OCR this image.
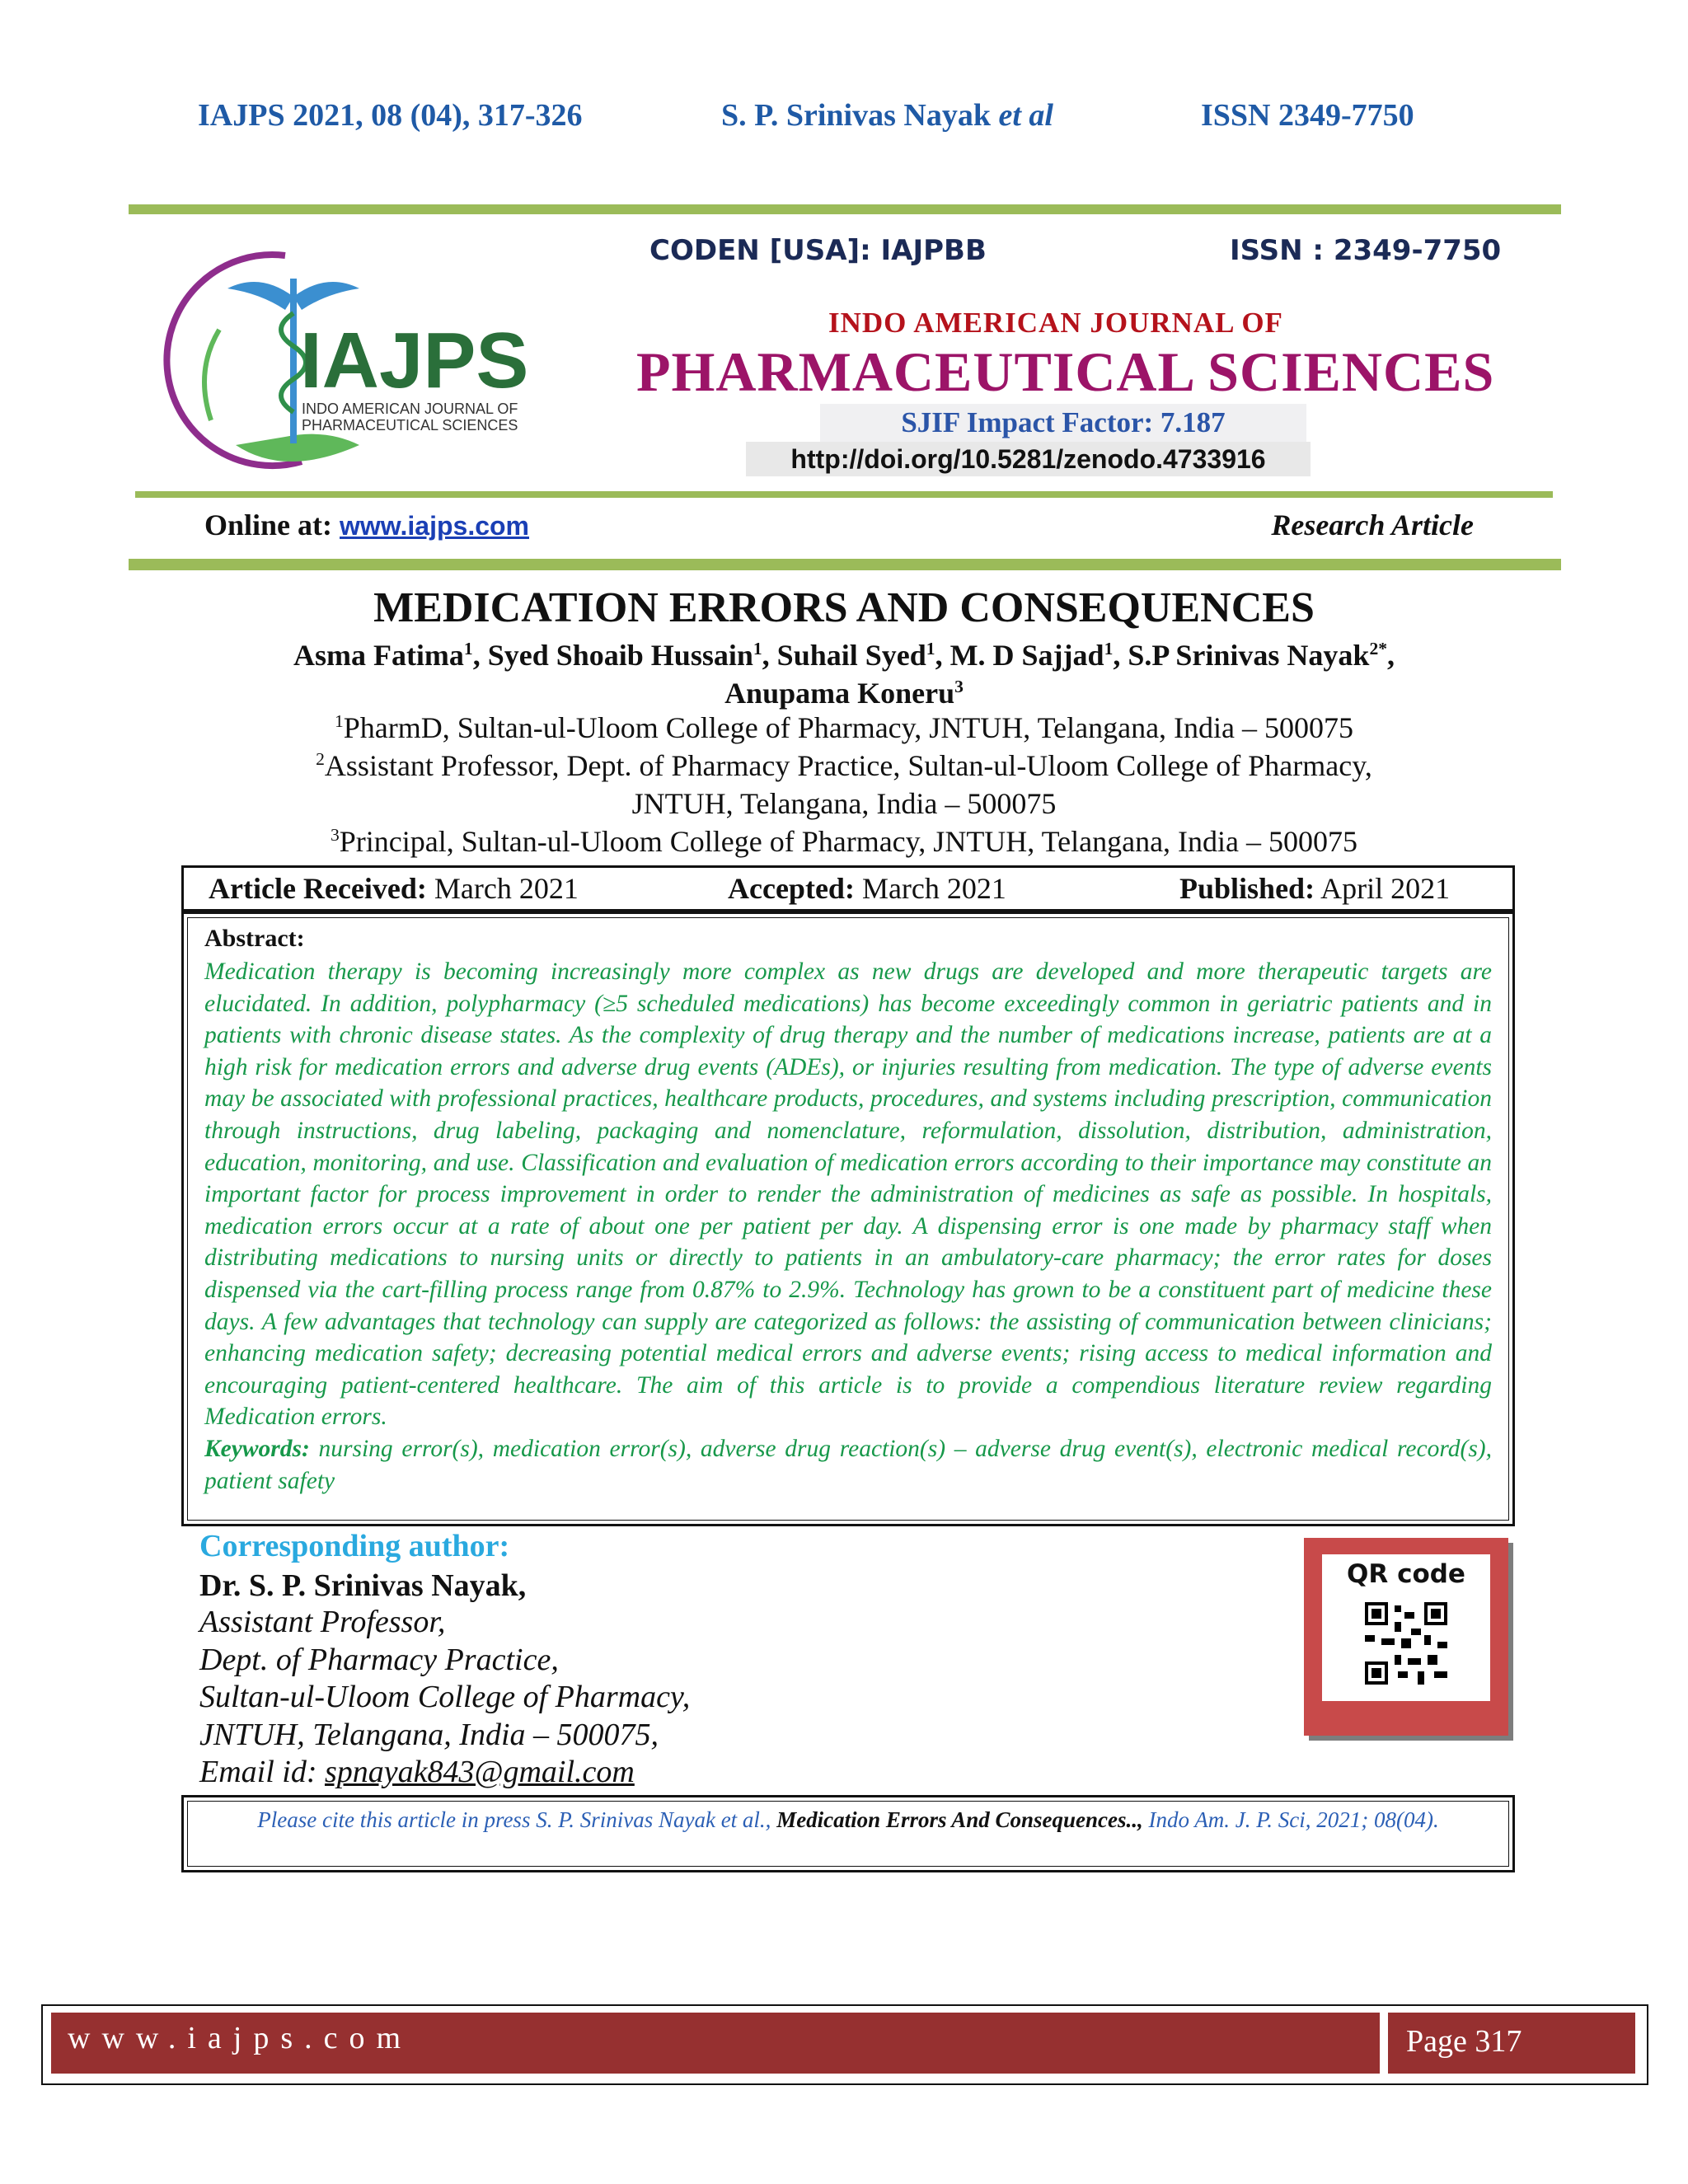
IAJPS 2021, 08 (04), 317-326	S. P. Srinivas Nayak et al	ISSN 2349-7750
IAJPS
INDO AMERICAN JOURNAL OF
PHARMACEUTICAL SCIENCES
CODEN [USA]: IAJPBB	ISSN : 2349-7750
INDO AMERICAN JOURNAL OF
PHARMACEUTICAL SCIENCES
SJIF Impact Factor: 7.187
http://doi.org/10.5281/zenodo.4733916
Online at: www.iajps.com	Research Article
MEDICATION ERRORS AND CONSEQUENCES
Asma Fatima$^1$, Syed Shoaib Hussain$^1$, Suhail Syed$^1$, M. D Sajjad$^1$, S.P Srinivas Nayak$^{2*}$,
Anupama Koneru$^3$
$^1$PharmD, Sultan-ul-Uloom College of Pharmacy, JNTUH, Telangana, India – 500075
$^2$Assistant Professor, Dept. of Pharmacy Practice, Sultan-ul-Uloom College of Pharmacy,
JNTUH, Telangana, India – 500075
$^3$Principal, Sultan-ul-Uloom College of Pharmacy, JNTUH, Telangana, India – 500075
Article Received: March 2021	Accepted: March 2021	Published: April 2021
Abstract:
Medication therapy is becoming increasingly more complex as new drugs are developed and more therapeutic targets are elucidated. In addition, polypharmacy (≥5 scheduled medications) has become exceedingly common in geriatric patients and in patients with chronic disease states. As the complexity of drug therapy and the number of medications increase, patients are at a high risk for medication errors and adverse drug events (ADEs), or injuries resulting from medication. The type of adverse events may be associated with professional practices, healthcare products, procedures, and systems including prescription, communication through instructions, drug labeling, packaging and nomenclature, reformulation, dissolution, distribution, administration, education, monitoring, and use. Classification and evaluation of medication errors according to their importance may constitute an important factor for process improvement in order to render the administration of medicines as safe as possible. In hospitals, medication errors occur at a rate of about one per patient per day. A dispensing error is one made by pharmacy staff when distributing medications to nursing units or directly to patients in an ambulatory-care pharmacy; the error rates for doses dispensed via the cart-filling process range from 0.87% to 2.9%. Technology has grown to be a constituent part of medicine these days. A few advantages that technology can supply are categorized as follows: the assisting of communication between clinicians; enhancing medication safety; decreasing potential medical errors and adverse events; rising access to medical information and encouraging patient-centered healthcare. The aim of this article is to provide a compendious literature review regarding Medication errors.
Keywords: nursing error(s), medication error(s), adverse drug reaction(s) – adverse drug event(s), electronic medical record(s), patient safety
Corresponding author:
Dr. S. P. Srinivas Nayak,
Assistant Professor,
Dept. of Pharmacy Practice,
Sultan-ul-Uloom College of Pharmacy,
JNTUH, Telangana, India – 500075,
Email id: spnayak843@gmail.com
QR code
Please cite this article in press S. P. Srinivas Nayak et al., Medication Errors And Consequences.., Indo Am. J. P. Sci, 2021; 08(04).
www.iajps.com	Page 317
